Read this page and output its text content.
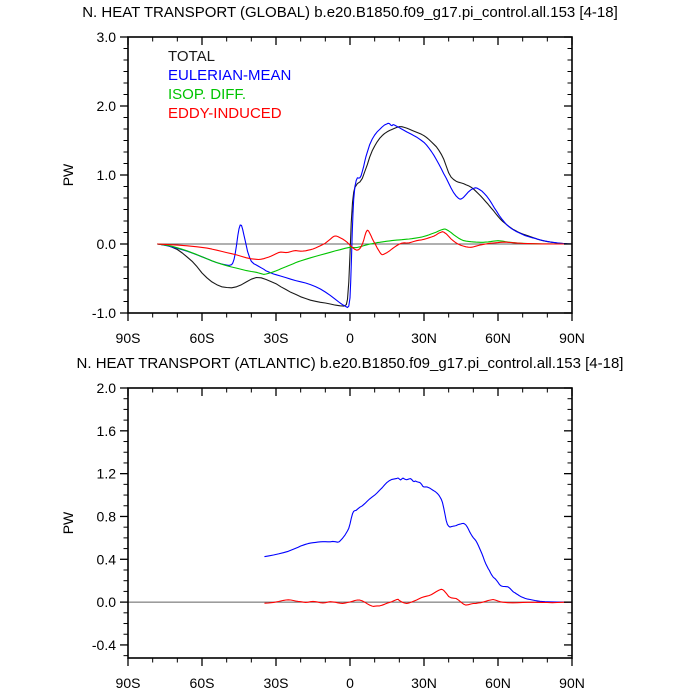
N. HEAT TRANSPORT (GLOBAL) b.e20.B1850.f09_g17.pi_control.all.153 [4-18]
N. HEAT TRANSPORT (ATLANTIC) b.e20.B1850.f09_g17.pi_control.all.153 [4-18]
TOTAL
EULERIAN-MEAN
ISOP. DIFF.
EDDY-INDUCED
90S	60S	30S	0	30N	60N	90N
3.0
2.0
1.0
0.0
-1.0
PW
90S	60S	30S	0	30N	60N	90N
2.0
1.6
1.2
0.8
0.4
0.0
-0.4
PW
